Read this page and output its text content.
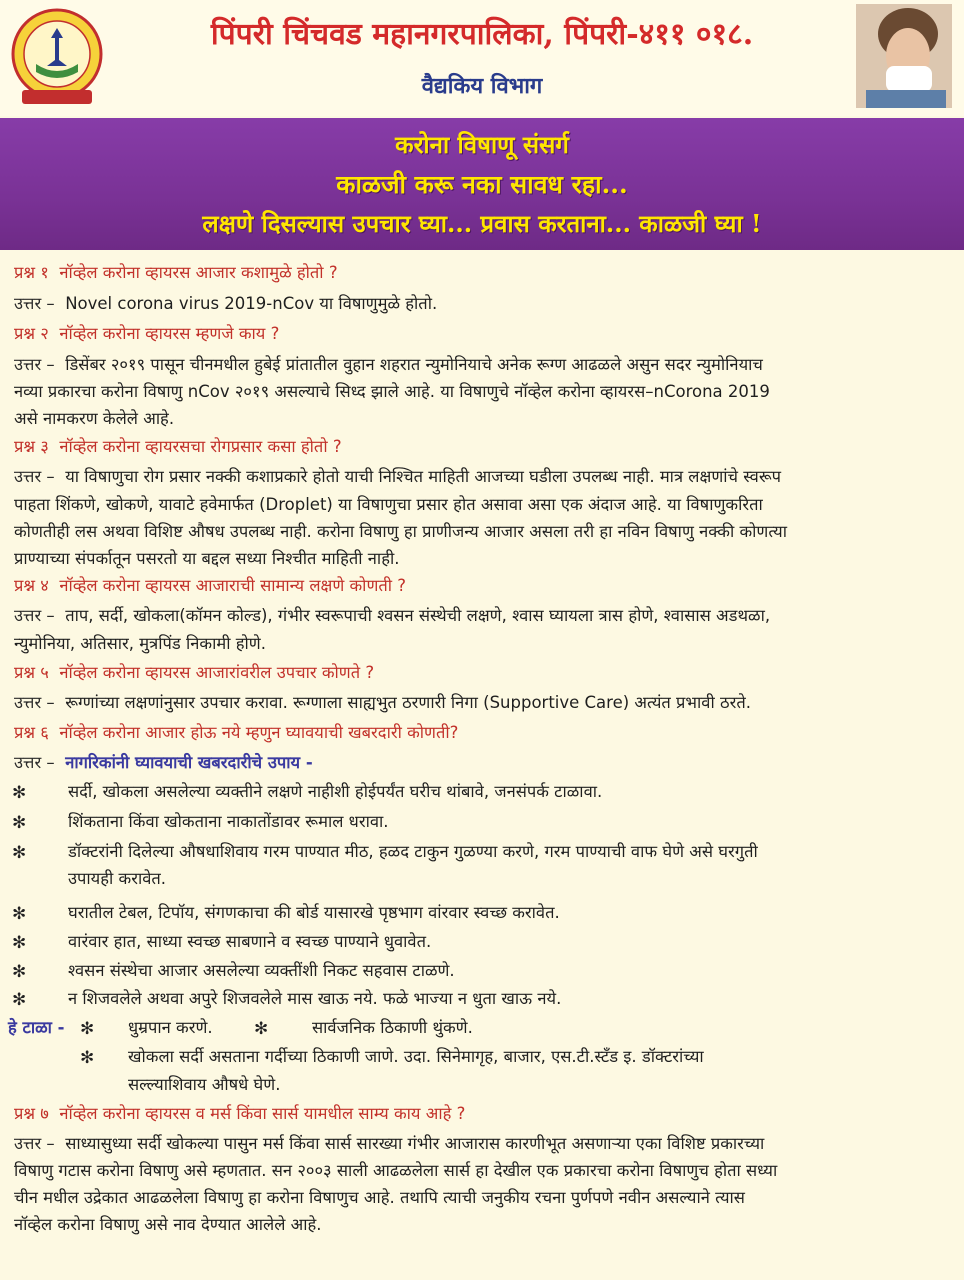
पिंपरी चिंचवड महानगरपालिका, पिंपरी-४११ ०१८.
वैद्यकिय विभाग
करोना विषाणू संसर्ग
काळजी करू नका सावध रहा...
लक्षणे दिसल्यास उपचार घ्या... प्रवास करताना... काळजी घ्या !
प्रश्न १ नॉव्हेल करोना व्हायरस आजार कशामुळे होतो ?
उत्तर – Novel corona virus 2019-nCov या विषाणुमुळे होतो.
प्रश्न २ नॉव्हेल करोना व्हायरस म्हणजे काय ?
उत्तर – डिसेंबर २०१९ पासून चीनमधील हुबेई प्रांतातील वुहान शहरात न्युमोनियाचे अनेक रूग्ण आढळले असुन सदर न्युमोनियाच
नव्या प्रकारचा करोना विषाणु nCov २०१९ असल्याचे सिध्द झाले आहे. या विषाणुचे नॉव्हेल करोना व्हायरस–nCorona 2019
असे नामकरण केलेले आहे.
प्रश्न ३ नॉव्हेल करोना व्हायरसचा रोगप्रसार कसा होतो ?
उत्तर – या विषाणुचा रोग प्रसार नक्की कशाप्रकारे होतो याची निश्चित माहिती आजच्या घडीला उपलब्ध नाही. मात्र लक्षणांचे स्वरूप
पाहता शिंकणे, खोकणे, यावाटे हवेमार्फत (Droplet) या विषाणुचा प्रसार होत असावा असा एक अंदाज आहे. या विषाणुकरिता
कोणतीही लस अथवा विशिष्ट औषध उपलब्ध नाही. करोना विषाणु हा प्राणीजन्य आजार असला तरी हा नविन विषाणु नक्की कोणत्या
प्राण्याच्या संपर्कातून पसरतो या बद्दल सध्या निश्चीत माहिती नाही.
प्रश्न ४ नॉव्हेल करोना व्हायरस आजाराची सामान्य लक्षणे कोणती ?
उत्तर – ताप, सर्दी, खोकला(कॉमन कोल्ड), गंभीर स्वरूपाची श्वसन संस्थेची लक्षणे, श्वास घ्यायला त्रास होणे, श्वासास अडथळा,
न्युमोनिया, अतिसार, मुत्रपिंड निकामी होणे.
प्रश्न ५ नॉव्हेल करोना व्हायरस आजारांवरील उपचार कोणते ?
उत्तर – रूग्णांच्या लक्षणांनुसार उपचार करावा. रूग्णाला साह्यभुत ठरणारी निगा (Supportive Care) अत्यंत प्रभावी ठरते.
प्रश्न ६ नॉव्हेल करोना आजार होऊ नये म्हणुन घ्यावयाची खबरदारी कोणती?
उत्तर – नागरिकांनी घ्यावयाची खबरदारीचे उपाय -
✻	सर्दी, खोकला असलेल्या व्यक्तीने लक्षणे नाहीशी होईपर्यंत घरीच थांबावे, जनसंपर्क टाळावा.
✻	शिंकताना किंवा खोकताना नाकातोंडावर रूमाल धरावा.
✻	डॉक्टरांनी दिलेल्या औषधाशिवाय गरम पाण्यात मीठ, हळद टाकुन गुळण्या करणे, गरम पाण्याची वाफ घेणे असे घरगुती
उपायही करावेत.
✻	घरातील टेबल, टिपॉय, संगणकाचा की बोर्ड यासारखे पृष्ठभाग वांरवार स्वच्छ करावेत.
✻	वारंवार हात, साध्या स्वच्छ साबणाने व स्वच्छ पाण्याने धुवावेत.
✻	श्वसन संस्थेचा आजार असलेल्या व्यक्तींशी निकट सहवास टाळणे.
✻	न शिजवलेले अथवा अपुरे शिजवलेले मास खाऊ नये. फळे भाज्या न धुता खाऊ नये.
हे टाळा - ✻ धुम्रपान करणे. ✻	सार्वजनिक ठिकाणी थुंकणे.
✻ खोकला सर्दी असताना गर्दीच्या ठिकाणी जाणे. उदा. सिनेमागृह, बाजार, एस.टी.स्टँड इ. डॉक्टरांच्या
सल्ल्याशिवाय औषधे घेणे.
प्रश्न ७ नॉव्हेल करोना व्हायरस व मर्स किंवा सार्स यामधील साम्य काय आहे ?
उत्तर – साध्यासुध्या सर्दी खोकल्या पासुन मर्स किंवा सार्स सारख्या गंभीर आजारास कारणीभूत असणाऱ्या एका विशिष्ट प्रकारच्या
विषाणु गटास करोना विषाणु असे म्हणतात. सन २००३ साली आढळलेला सार्स हा देखील एक प्रकारचा करोना विषाणुच होता सध्या
चीन मधील उद्रेकात आढळलेला विषाणु हा करोना विषाणुच आहे. तथापि त्याची जनुकीय रचना पुर्णपणे नवीन असल्याने त्यास
नॉव्हेल करोना विषाणु असे नाव देण्यात आलेले आहे.
